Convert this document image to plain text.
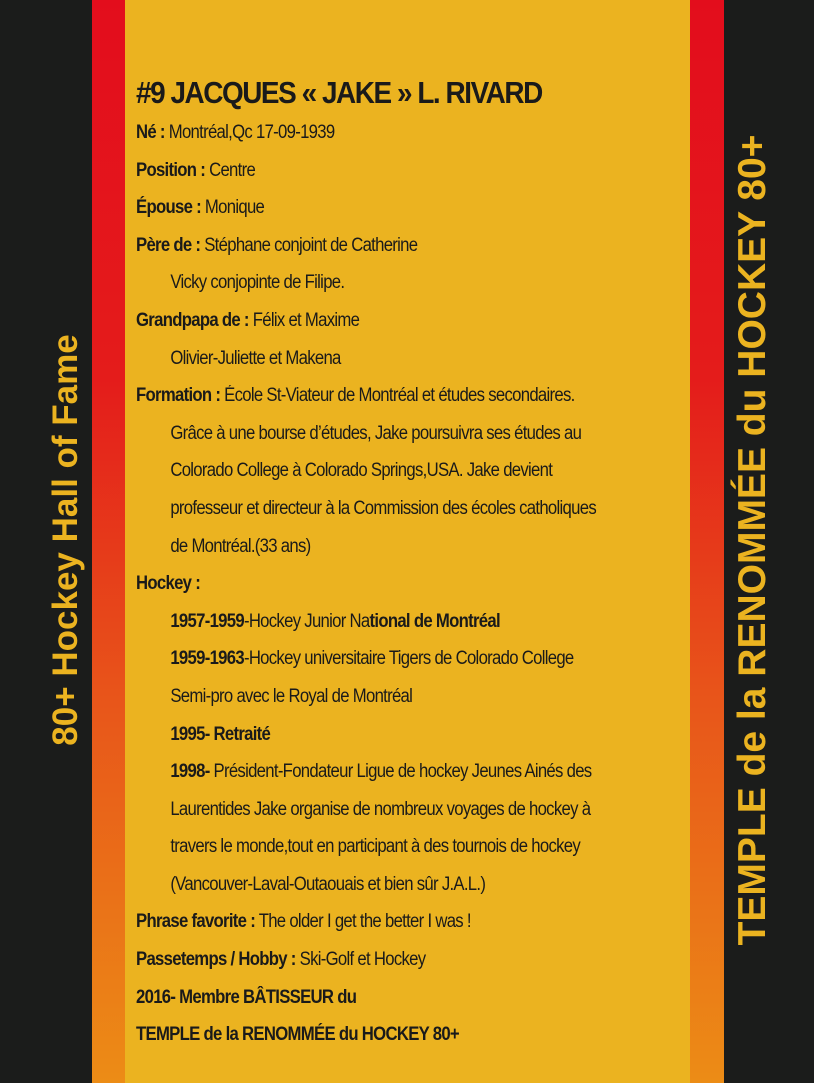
80+ Hockey Hall of Fame	TEMPLE de la RENOMMÉE du HOCKEY 80+
#9 JACQUES « JAKE » L. RIVARD
Né : Montréal,Qc 17-09-1939
Position : Centre
Épouse : Monique
Père de : Stéphane conjoint de Catherine
Vicky conjopinte de Filipe.
Grandpapa de : Félix et Maxime
Olivier-Juliette et Makena
Formation : École St-Viateur de Montréal et études secondaires.
Grâce à une bourse d’études, Jake poursuivra ses études au
Colorado College à Colorado Springs,USA. Jake devient
professeur et directeur à la Commission des écoles catholiques
de Montréal.(33 ans)
Hockey :
1957-1959-Hockey Junior National de Montréal
1959-1963-Hockey universitaire Tigers de Colorado College
Semi-pro avec le Royal de Montréal
1995- Retraité
1998- Président-Fondateur Ligue de hockey Jeunes Ainés des
Laurentides Jake organise de nombreux voyages de hockey à
travers le monde,tout en participant à des tournois de hockey
(Vancouver-Laval-Outaouais et bien sûr J.A.L.)
Phrase favorite : The older I get the better I was !
Passetemps / Hobby : Ski-Golf et Hockey
2016- Membre BÂTISSEUR du
TEMPLE de la RENOMMÉE du HOCKEY 80+
